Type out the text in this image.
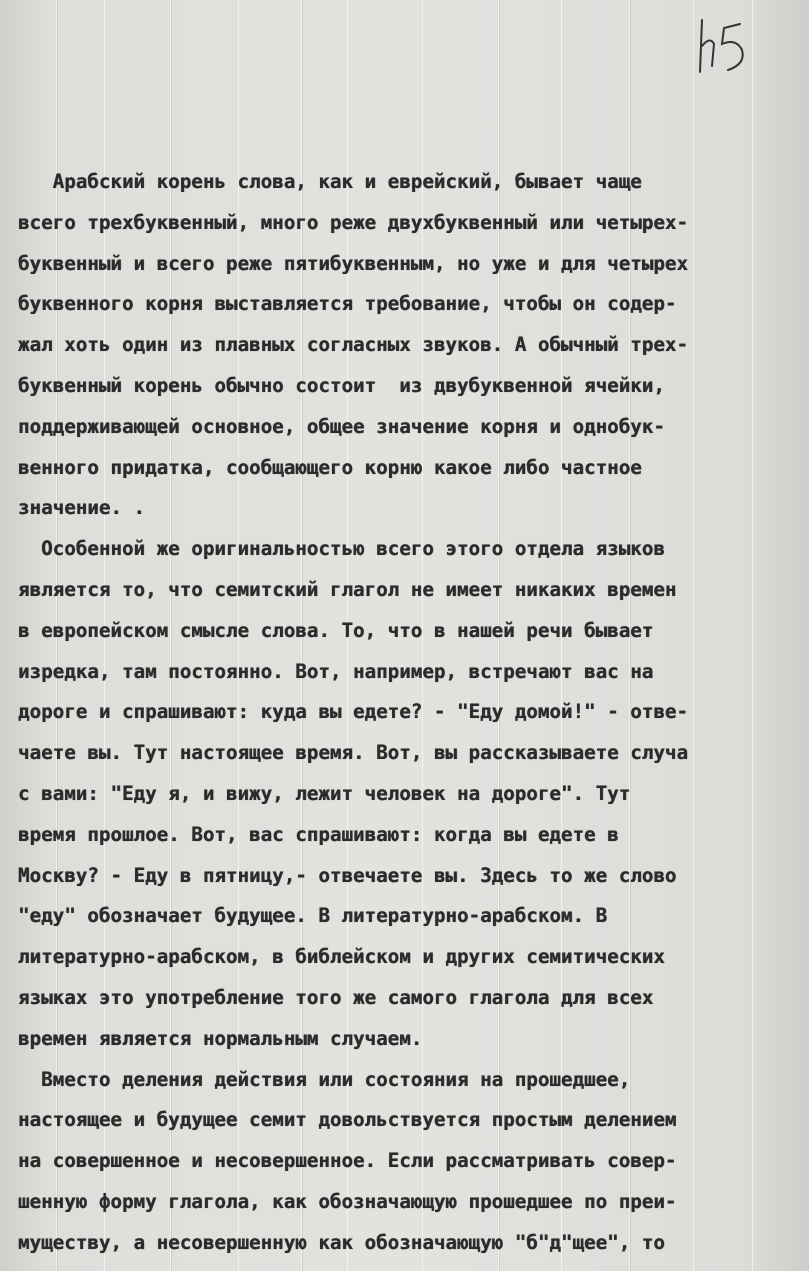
Арабский корень слова, как и еврейский, бывает чаще
всего трехбуквенный, много реже двухбуквенный или четырех-
буквенный и всего реже пятибуквенным, но уже и для четырех
буквенного корня выставляется требование, чтобы он содер-
жал хоть один из плавных согласных звуков. А обычный трех-
буквенный корень обычно состоит  из двубуквенной ячейки,
поддерживающей основное, общее значение корня и однобук-
венного придатка, сообщающего корню какое либо частное
значение. .
Особенной же оригинальностью всего этого отдела языков
является то, что семитский глагол не имеет никаких времен
в европейском смысле слова. То, что в нашей речи бывает
изредка, там постоянно. Вот, например, встречают вас на
дороге и спрашивают: куда вы едете? - "Еду домой!" - отве-
чаете вы. Тут настоящее время. Вот, вы рассказываете случа
с вами: "Еду я, и вижу, лежит человек на дороге". Тут
время прошлое. Вот, вас спрашивают: когда вы едете в
Москву? - Еду в пятницу,- отвечаете вы. Здесь то же слово
"еду" обозначает будущее. В литературно-арабском. В
литературно-арабском, в библейском и других семитических
языках это употребление того же самого глагола для всех
времен является нормальным случаем.
Вместо деления действия или состояния на прошедшее,
настоящее и будущее семит довольствуется простым делением
на совершенное и несовершенное. Если рассматривать совер-
шенную форму глагола, как обозначающую прошедшее по преи-
муществу, а несовершенную как обозначающую "б"д"щее", то
